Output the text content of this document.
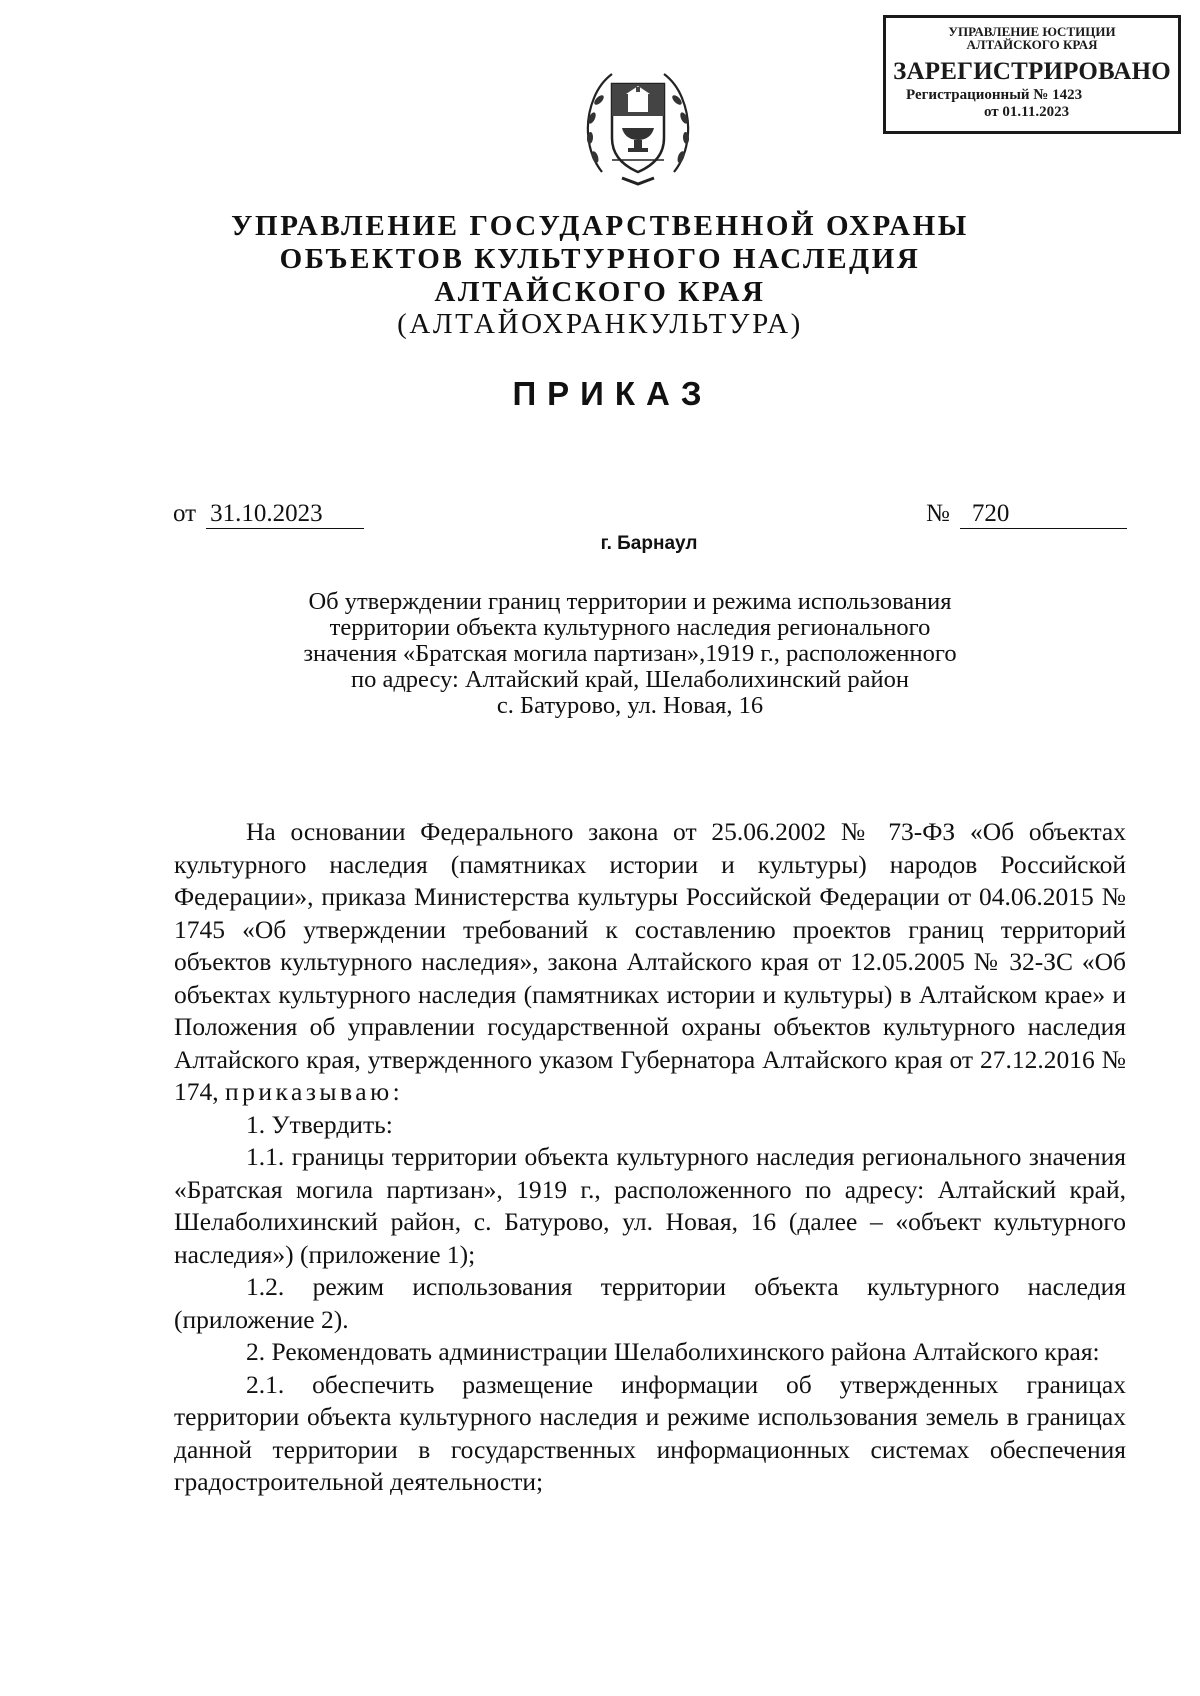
УПРАВЛЕНИЕ ЮСТИЦИИ
АЛТАЙСКОГО КРАЯ
ЗАРЕГИСТРИРОВАНО
Регистрационный № 1423
от 01.11.2023
УПРАВЛЕНИЕ ГОСУДАРСТВЕННОЙ ОХРАНЫ
ОБЪЕКТОВ КУЛЬТУРНОГО НАСЛЕДИЯ
АЛТАЙСКОГО КРАЯ
(АЛТАЙОХРАНКУЛЬТУРА)
ПРИКАЗ
от 31.10.2023	№ 720
г. Барнаул
Об утверждении границ территории и режима использования
территории объекта культурного наследия регионального
значения «Братская могила партизан»,1919 г., расположенного
по адресу: Алтайский край, Шелаболихинский район
с. Батурово, ул. Новая, 16

На основании Федерального закона от 25.06.2002 № 73-ФЗ «Об объектах культурного наследия (памятниках истории и культуры) народов Российской Федерации», приказа Министерства культуры Российской Федерации от 04.06.2015 № 1745 «Об утверждении требований к составлению проектов границ территорий объектов культурного наследия», закона Алтайского края от 12.05.2005 № 32-ЗС «Об объектах культурного наследия (памятниках истории и культуры) в Алтайском крае» и Положения об управлении государственной охраны объектов культурного наследия Алтайского края, утвержденного указом Губернатора Алтайского края от 27.12.2016 № 174, приказываю:

1. Утвердить:

1.1. границы территории объекта культурного наследия регионального значения «Братская могила партизан», 1919 г., расположенного по адресу: Алтайский край, Шелаболихинский район, с. Батурово, ул. Новая, 16 (далее – «объект культурного наследия») (приложение 1);

1.2. режим использования территории объекта культурного наследия (приложение 2).

2. Рекомендовать администрации Шелаболихинского района Алтайского края:

2.1. обеспечить размещение информации об утвержденных границах территории объекта культурного наследия и режиме использования земель в границах данной территории в государственных информационных системах обеспечения градостроительной деятельности;
